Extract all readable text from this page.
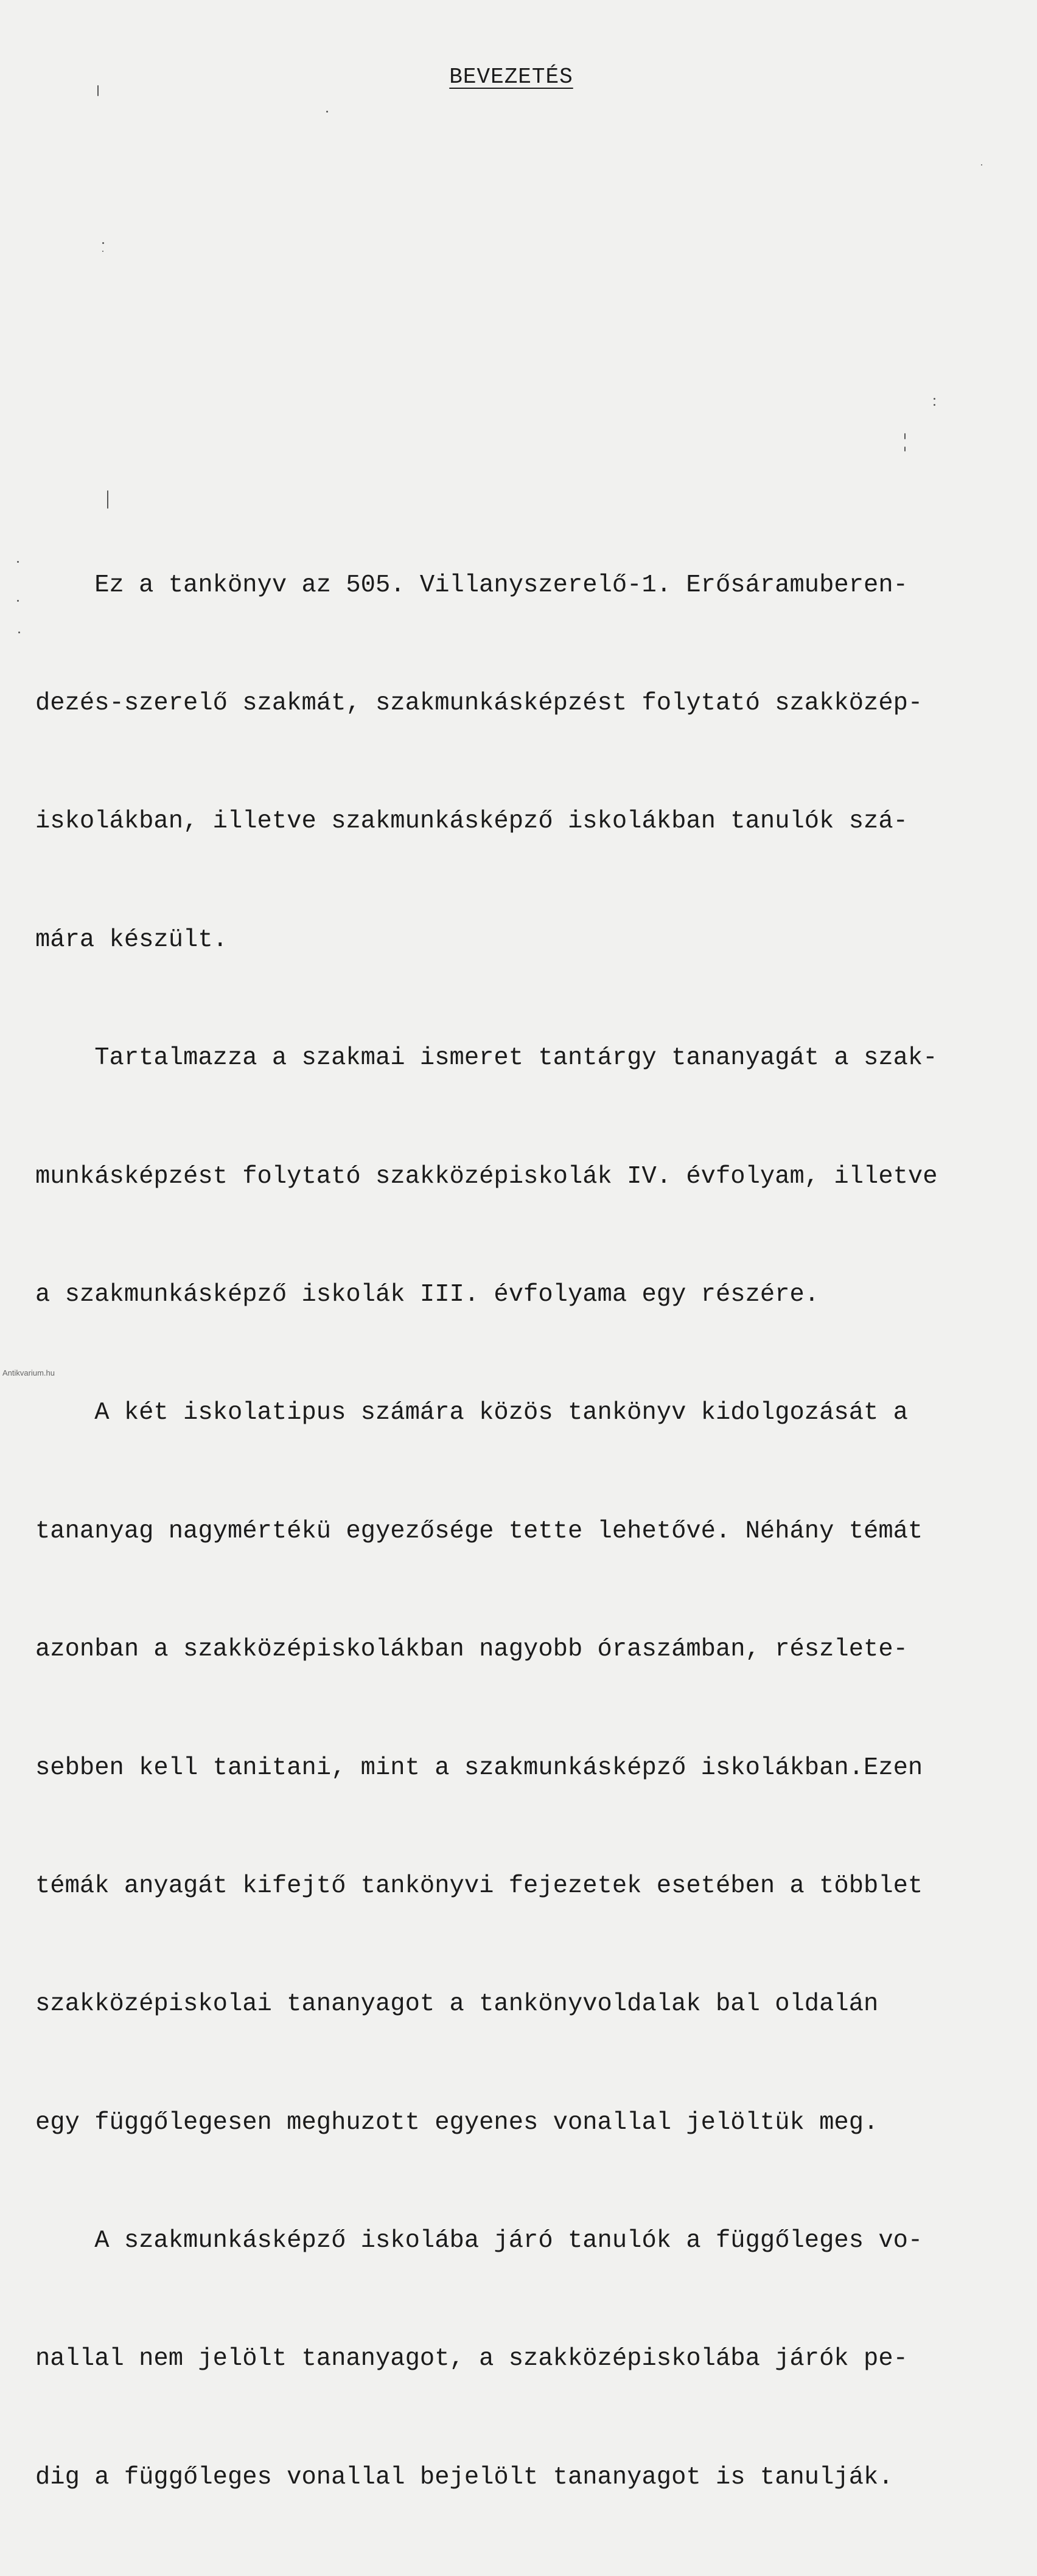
BEVEZETÉS

Ez a tankönyv az 505. Villanyszerelő-1. Erősáramuberen-

dezés-szerelő szakmát, szakmunkásképzést folytató szakközép-

iskolákban, illetve szakmunkásképző iskolákban tanulók szá-

mára készült.

Tartalmazza a szakmai ismeret tantárgy tananyagát a szak-

munkásképzést folytató szakközépiskolák IV. évfolyam, illetve

a szakmunkásképző iskolák III. évfolyama egy részére.

A két iskolatipus számára közös tankönyv kidolgozását a

tananyag nagymértékü egyezősége tette lehetővé. Néhány témát

azonban a szakközépiskolákban nagyobb óraszámban, részlete-

sebben kell tanitani, mint a szakmunkásképző iskolákban.Ezen

témák anyagát kifejtő tankönyvi fejezetek esetében a többlet

szakközépiskolai tananyagot a tankönyvoldalak bal oldalán

egy függőlegesen meghuzott egyenes vonallal jelöltük meg.

A szakmunkásképző iskolába járó tanulók a függőleges vo-

nallal nem jelölt tananyagot, a szakközépiskolába járók pe-

dig a függőleges vonallal bejelölt tananyagot is tanulják.

Antikvarium.hu
